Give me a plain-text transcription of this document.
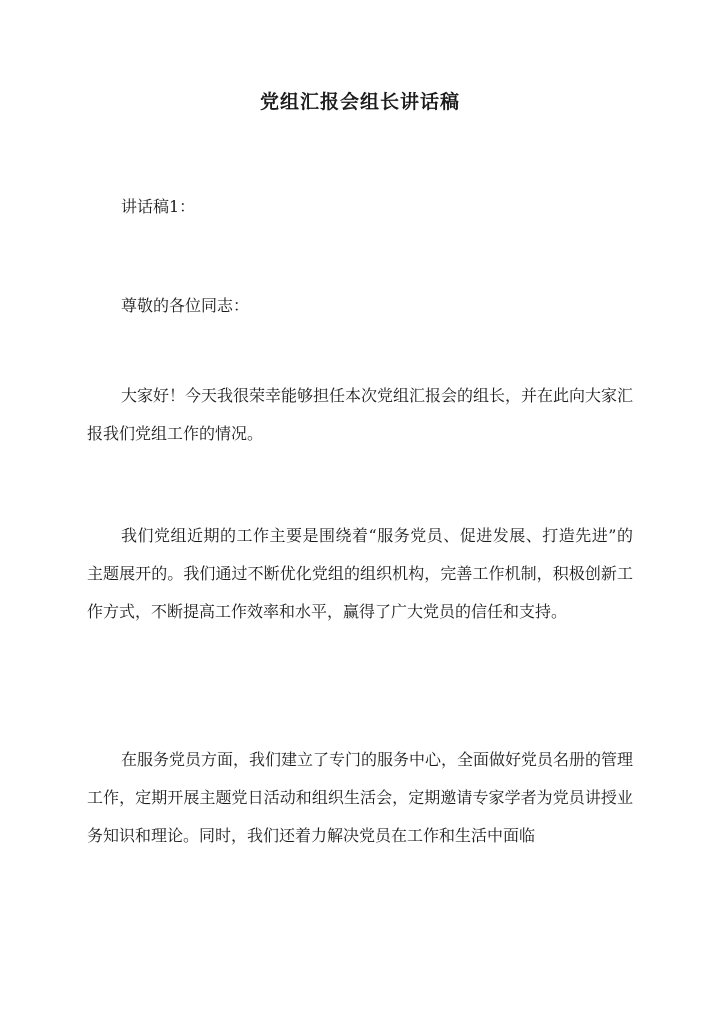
党组汇报会组长讲话稿

讲话稿1：

尊敬的各位同志：

大家好！今天我很荣幸能够担任本次党组汇报会的组长，并在此向大家汇报我们党组工作的情况。

我们党组近期的工作主要是围绕着“服务党员、促进发展、打造先进”的主题展开的。我们通过不断优化党组的组织机构，完善工作机制，积极创新工作方式，不断提高工作效率和水平，赢得了广大党员的信任和支持。

在服务党员方面，我们建立了专门的服务中心，全面做好党员名册的管理工作，定期开展主题党日活动和组织生活会，定期邀请专家学者为党员讲授业务知识和理论。同时，我们还着力解决党员在工作和生活中面临
